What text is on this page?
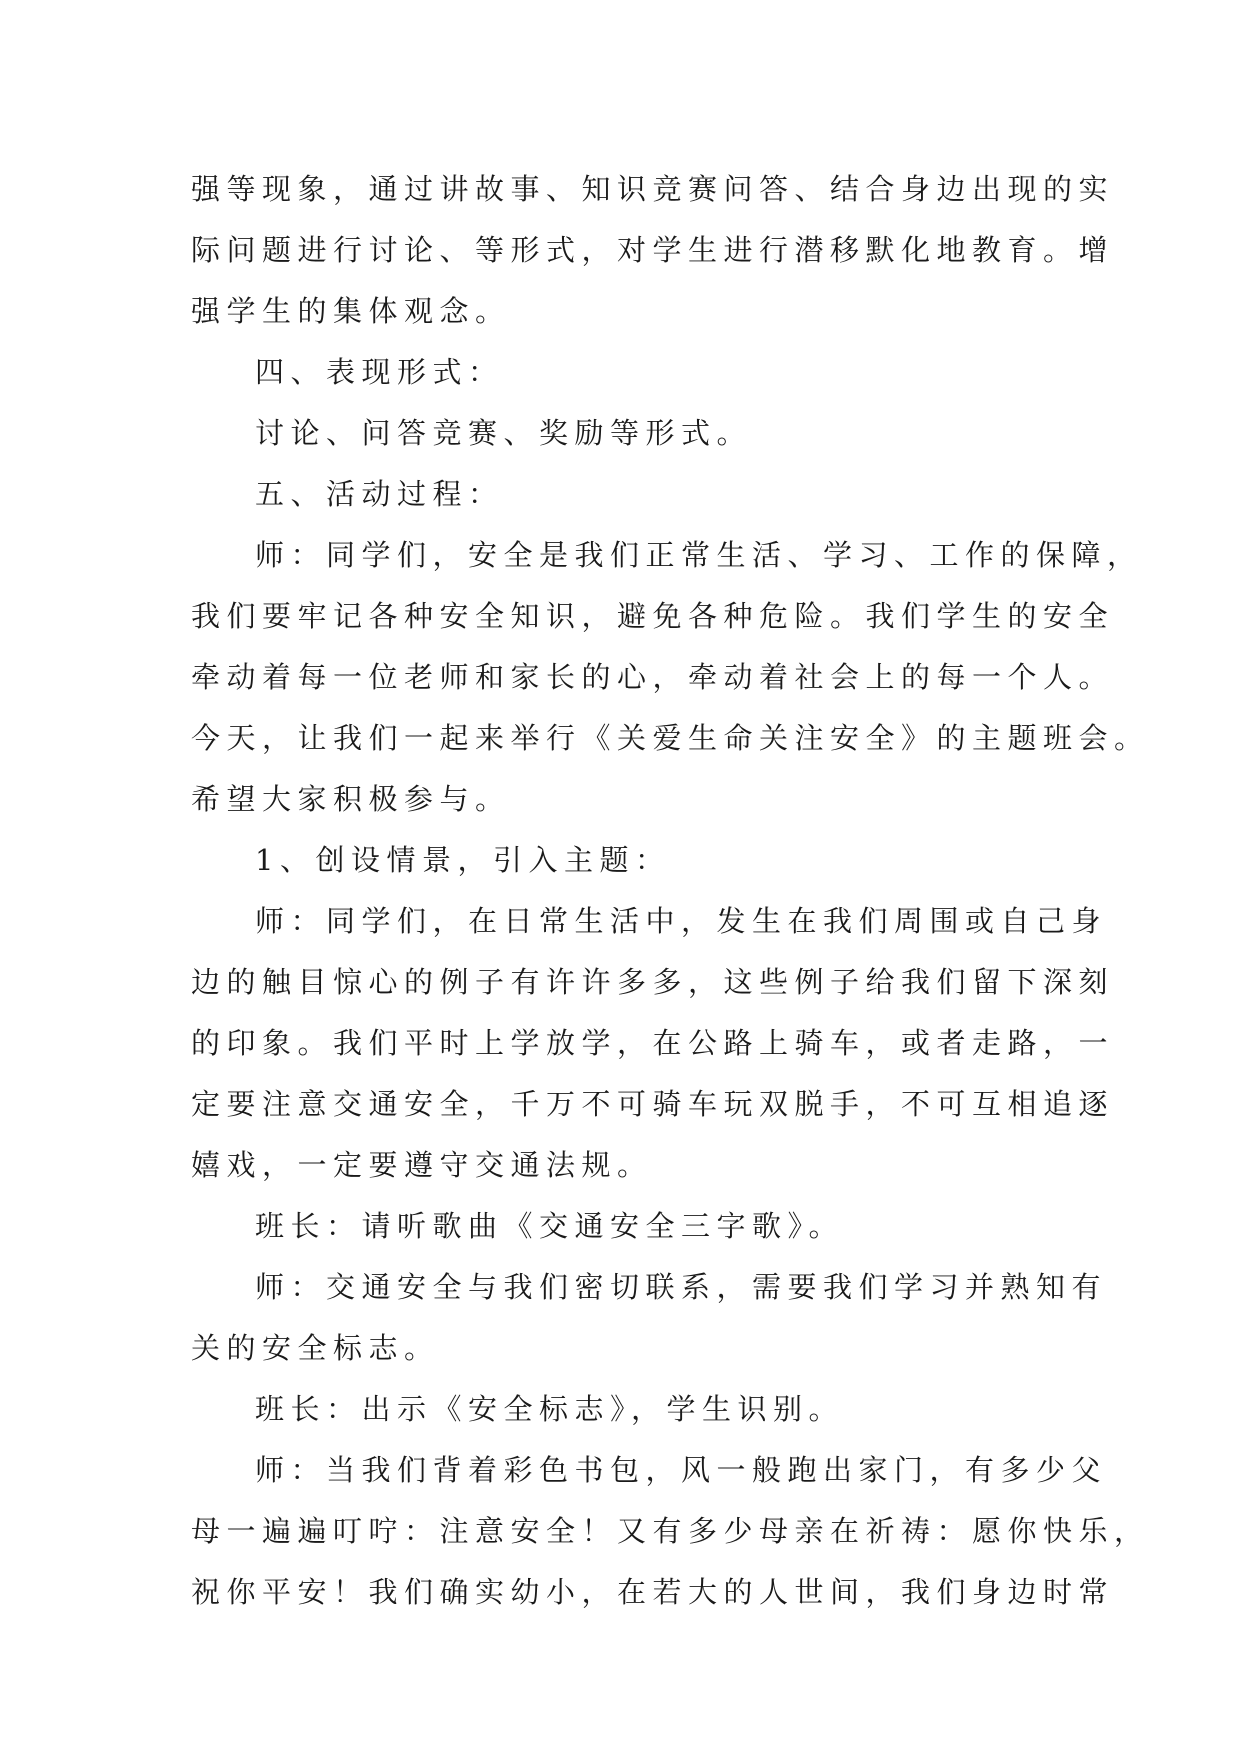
强等现象，通过讲故事、知识竞赛问答、结合身边出现的实
际问题进行讨论、等形式，对学生进行潜移默化地教育。增
强学生的集体观念。
四、表现形式：
讨论、问答竞赛、奖励等形式。
五、活动过程：
师：同学们，安全是我们正常生活、学习、工作的保障，
我们要牢记各种安全知识，避免各种危险。我们学生的安全
牵动着每一位老师和家长的心，牵动着社会上的每一个人。
今天，让我们一起来举行《关爱生命关注安全》的主题班会。
希望大家积极参与。
1、创设情景，引入主题：
师：同学们，在日常生活中，发生在我们周围或自己身
边的触目惊心的例子有许许多多，这些例子给我们留下深刻
的印象。我们平时上学放学，在公路上骑车，或者走路，一
定要注意交通安全，千万不可骑车玩双脱手，不可互相追逐
嬉戏，一定要遵守交通法规。
班长：请听歌曲《交通安全三字歌》。
师：交通安全与我们密切联系，需要我们学习并熟知有
关的安全标志。
班长：出示《安全标志》，学生识别。
师：当我们背着彩色书包，风一般跑出家门，有多少父
母一遍遍叮咛：注意安全！又有多少母亲在祈祷：愿你快乐，
祝你平安！我们确实幼小，在若大的人世间，我们身边时常
